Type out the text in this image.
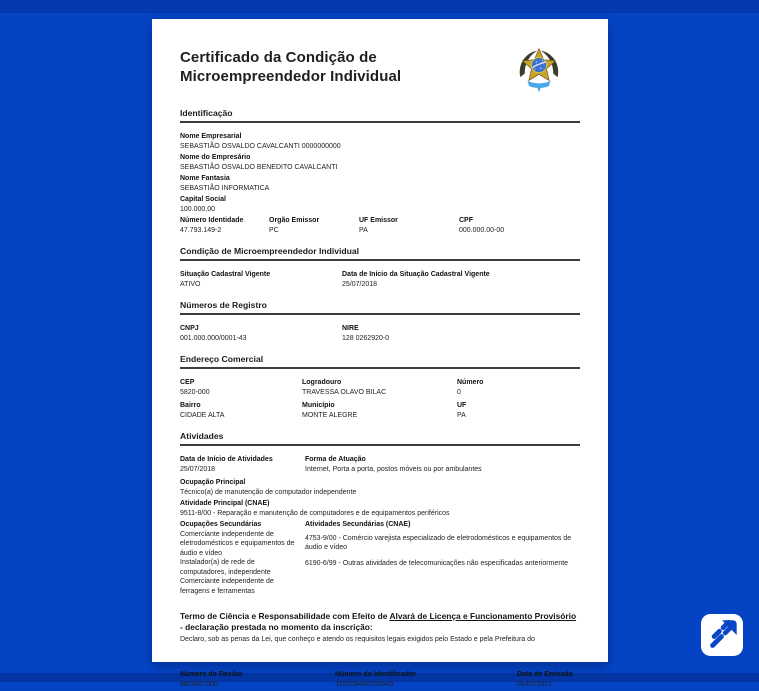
Certificado da Condição de
Microempreendedor Individual
Identificação
Nome Empresarial
SEBASTIÃO OSVALDO CAVALCANTI 0000000000
Nome do Empresário
SEBASTIÃO OSVALDO BENEDITO CAVALCANTI
Nome Fantasia
SEBASTIÃO INFORMATICA
Capital Social
100.000,00
Número Identidade
47.793.149-2
Orgão Emissor
PC
UF Emissor
PA
CPF
000.000.00-00
Condição de Microempreendedor Individual
Situação Cadastral Vigente
ATIVO
Data de Início da Situação Cadastral Vigente
25/07/2018
Números de Registro
CNPJ
001.000.000/0001-43
NIRE
128 0262920-0
Endereço Comercial
CEP
5820-000
Logradouro
TRAVESSA OLAVO BILAC
Número
0
Bairro
CIDADE ALTA
Município
MONTE ALEGRE
UF
PA
Atividades
Data de Início de Atividades
25/07/2018
Forma de Atuação
Internet, Porta a porta, postos móveis ou por ambulantes
Ocupação Principal
Técnico(a) de manutenção de computador independente
Atividade Principal (CNAE)
9511-8/00 - Reparação e manutenção de computadores e de equipamentos periféricos
Ocupações Secundárias
Comerciante independente de eletrodomésticos e equipamentos de áudio e vídeo
Instalador(a) de rede de computadores, independente
Comerciante independente de ferragens e ferramentas
Atividades Secundárias (CNAE)
4753-9/00 - Comércio varejista especializado de eletrodomésticos e equipamentos de áudio e vídeo
6190-6/99 - Outras atividades de telecomunicações não especificadas anteriormente
Termo de Ciência e Responsabilidade com Efeito de Alvará de Licença e Funcionamento Provisório - declaração prestada no momento da inscrição:
Declaro, sob as penas da Lei, que conheço e atendo os requisitos legais exigidos pelo Estado e pela Prefeitura do
Número do Recibo
ME5667000
Número do Identificador
310209460156545
Data de Emissão
01/01/2021
